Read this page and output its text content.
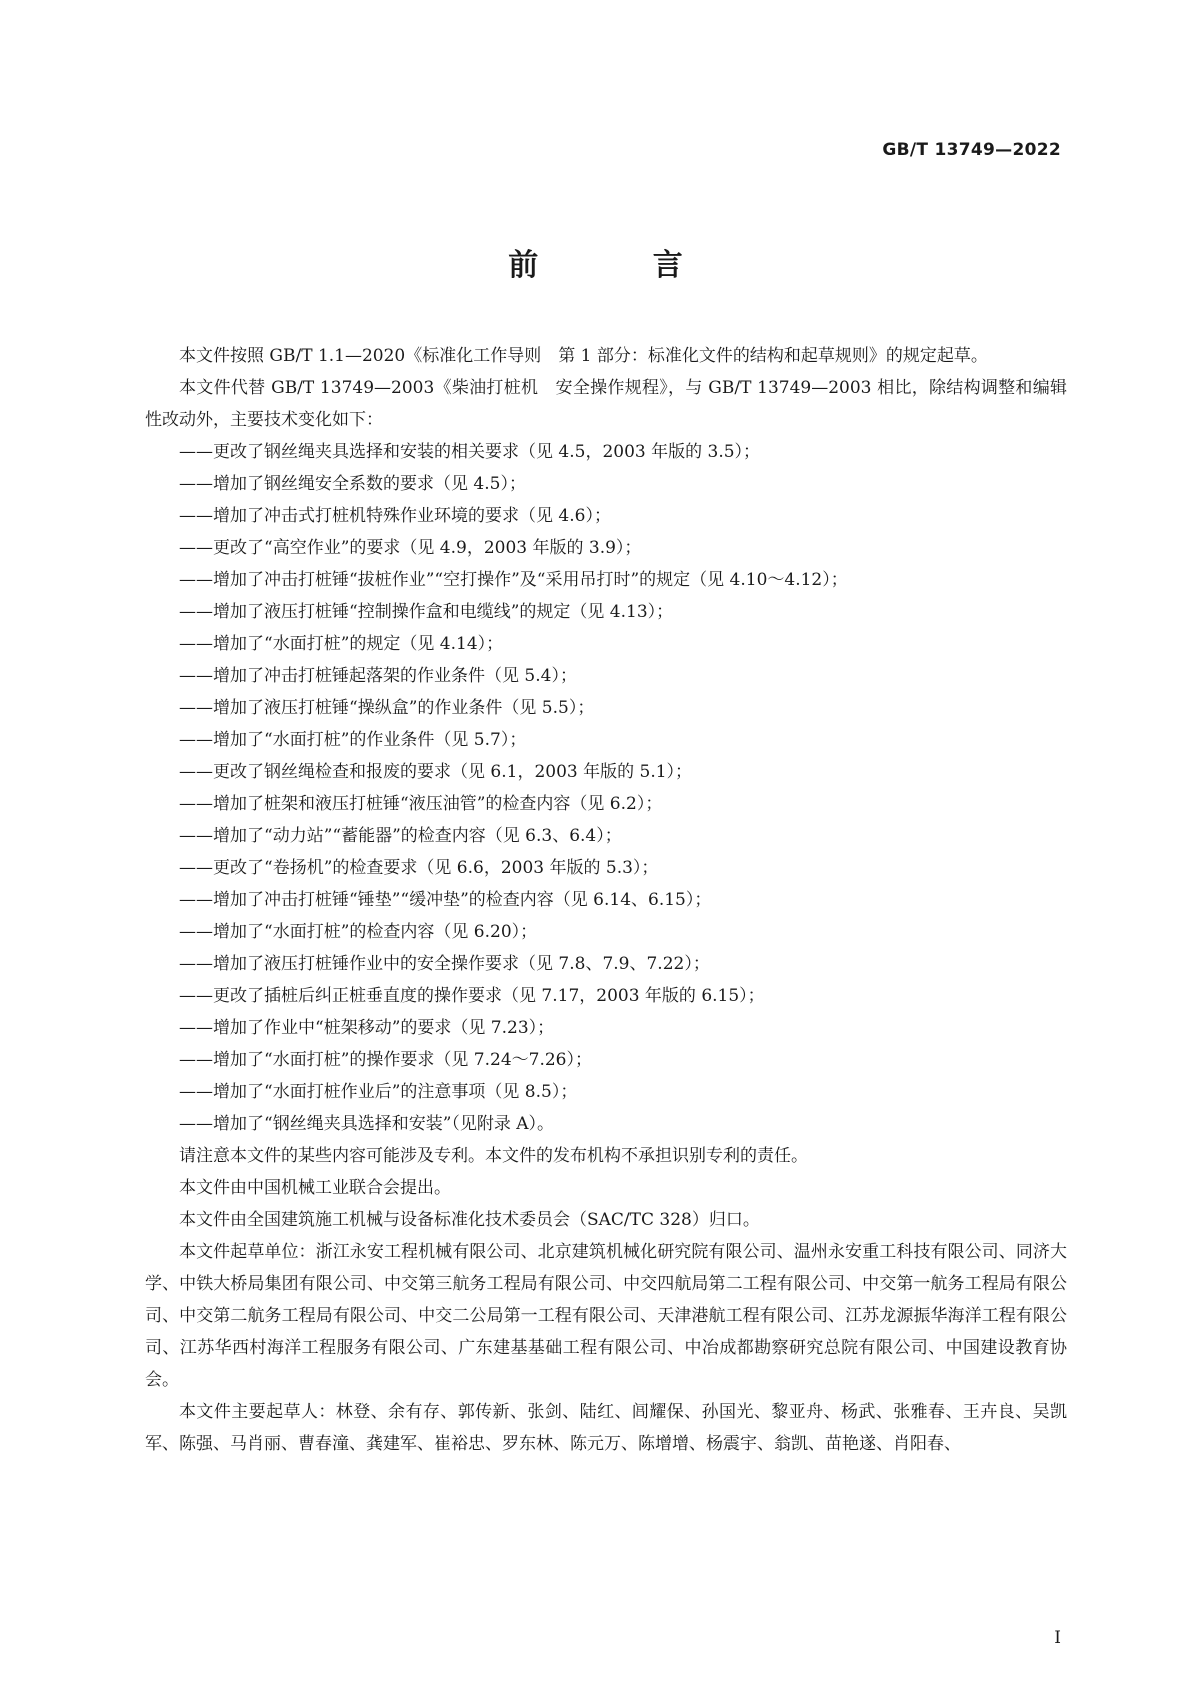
GB/T 13749—2022
前 言

本文件按照 GB/T 1.1—2020《标准化工作导则　第 1 部分：标准化文件的结构和起草规则》的规定起草。

本文件代替 GB/T 13749—2003《柴油打桩机　安全操作规程》，与 GB/T 13749—2003 相比，除结构调整和编辑性改动外，主要技术变化如下：

——更改了钢丝绳夹具选择和安装的相关要求（见 4.5，2003 年版的 3.5）；

——增加了钢丝绳安全系数的要求（见 4.5）；

——增加了冲击式打桩机特殊作业环境的要求（见 4.6）；

——更改了“高空作业”的要求（见 4.9，2003 年版的 3.9）；

——增加了冲击打桩锤“拔桩作业”“空打操作”及“采用吊打时”的规定（见 4.10～4.12）；

——增加了液压打桩锤“控制操作盒和电缆线”的规定（见 4.13）；

——增加了“水面打桩”的规定（见 4.14）；

——增加了冲击打桩锤起落架的作业条件（见 5.4）；

——增加了液压打桩锤“操纵盒”的作业条件（见 5.5）；

——增加了“水面打桩”的作业条件（见 5.7）；

——更改了钢丝绳检查和报废的要求（见 6.1，2003 年版的 5.1）；

——增加了桩架和液压打桩锤“液压油管”的检查内容（见 6.2）；

——增加了“动力站”“蓄能器”的检查内容（见 6.3、6.4）；

——更改了“卷扬机”的检查要求（见 6.6，2003 年版的 5.3）；

——增加了冲击打桩锤“锤垫”“缓冲垫”的检查内容（见 6.14、6.15）；

——增加了“水面打桩”的检查内容（见 6.20）；

——增加了液压打桩锤作业中的安全操作要求（见 7.8、7.9、7.22）；

——更改了插桩后纠正桩垂直度的操作要求（见 7.17，2003 年版的 6.15）；

——增加了作业中“桩架移动”的要求（见 7.23）；

——增加了“水面打桩”的操作要求（见 7.24～7.26）；

——增加了“水面打桩作业后”的注意事项（见 8.5）；

——增加了“钢丝绳夹具选择和安装”（见附录 A）。

请注意本文件的某些内容可能涉及专利。本文件的发布机构不承担识别专利的责任。

本文件由中国机械工业联合会提出。

本文件由全国建筑施工机械与设备标准化技术委员会（SAC/TC 328）归口。

本文件起草单位：浙江永安工程机械有限公司、北京建筑机械化研究院有限公司、温州永安重工科技有限公司、同济大学、中铁大桥局集团有限公司、中交第三航务工程局有限公司、中交四航局第二工程有限公司、中交第一航务工程局有限公司、中交第二航务工程局有限公司、中交二公局第一工程有限公司、天津港航工程有限公司、江苏龙源振华海洋工程有限公司、江苏华西村海洋工程服务有限公司、广东建基基础工程有限公司、中冶成都勘察研究总院有限公司、中国建设教育协会。

本文件主要起草人：林登、余有存、郭传新、张剑、陆红、闾耀保、孙国光、黎亚舟、杨武、张雅春、王卉良、吴凯军、陈强、马肖丽、曹春潼、龚建军、崔裕忠、罗东林、陈元万、陈增增、杨震宇、翁凯、苗艳遂、肖阳春、

I
